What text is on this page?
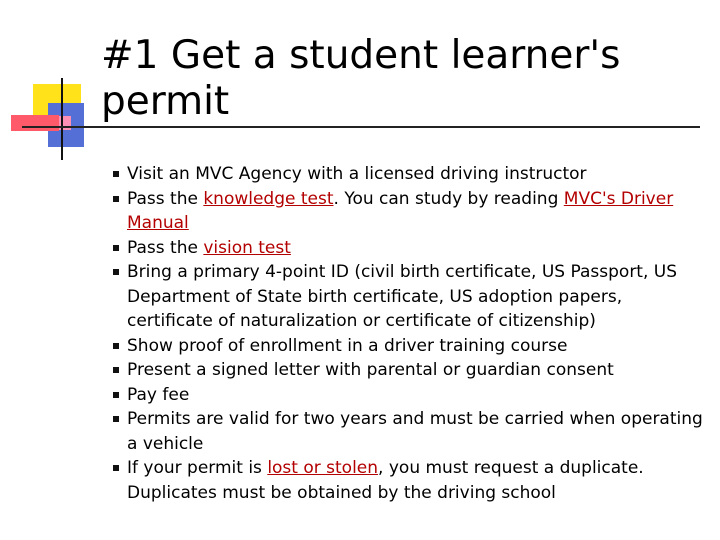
#1 Get a student learner's permit
Visit an MVC Agency with a licensed driving instructor
Pass the knowledge test. You can study by reading MVC's Driver Manual
Pass the vision test
Bring a primary 4-point ID (civil birth certificate, US Passport, US Department of State birth certificate, US adoption papers, certificate of naturalization or certificate of citizenship)
Show proof of enrollment in a driver training course
Present a signed letter with parental or guardian consent
Pay fee
Permits are valid for two years and must be carried when operating a vehicle
If your permit is lost or stolen, you must request a duplicate. Duplicates must be obtained by the driving school
